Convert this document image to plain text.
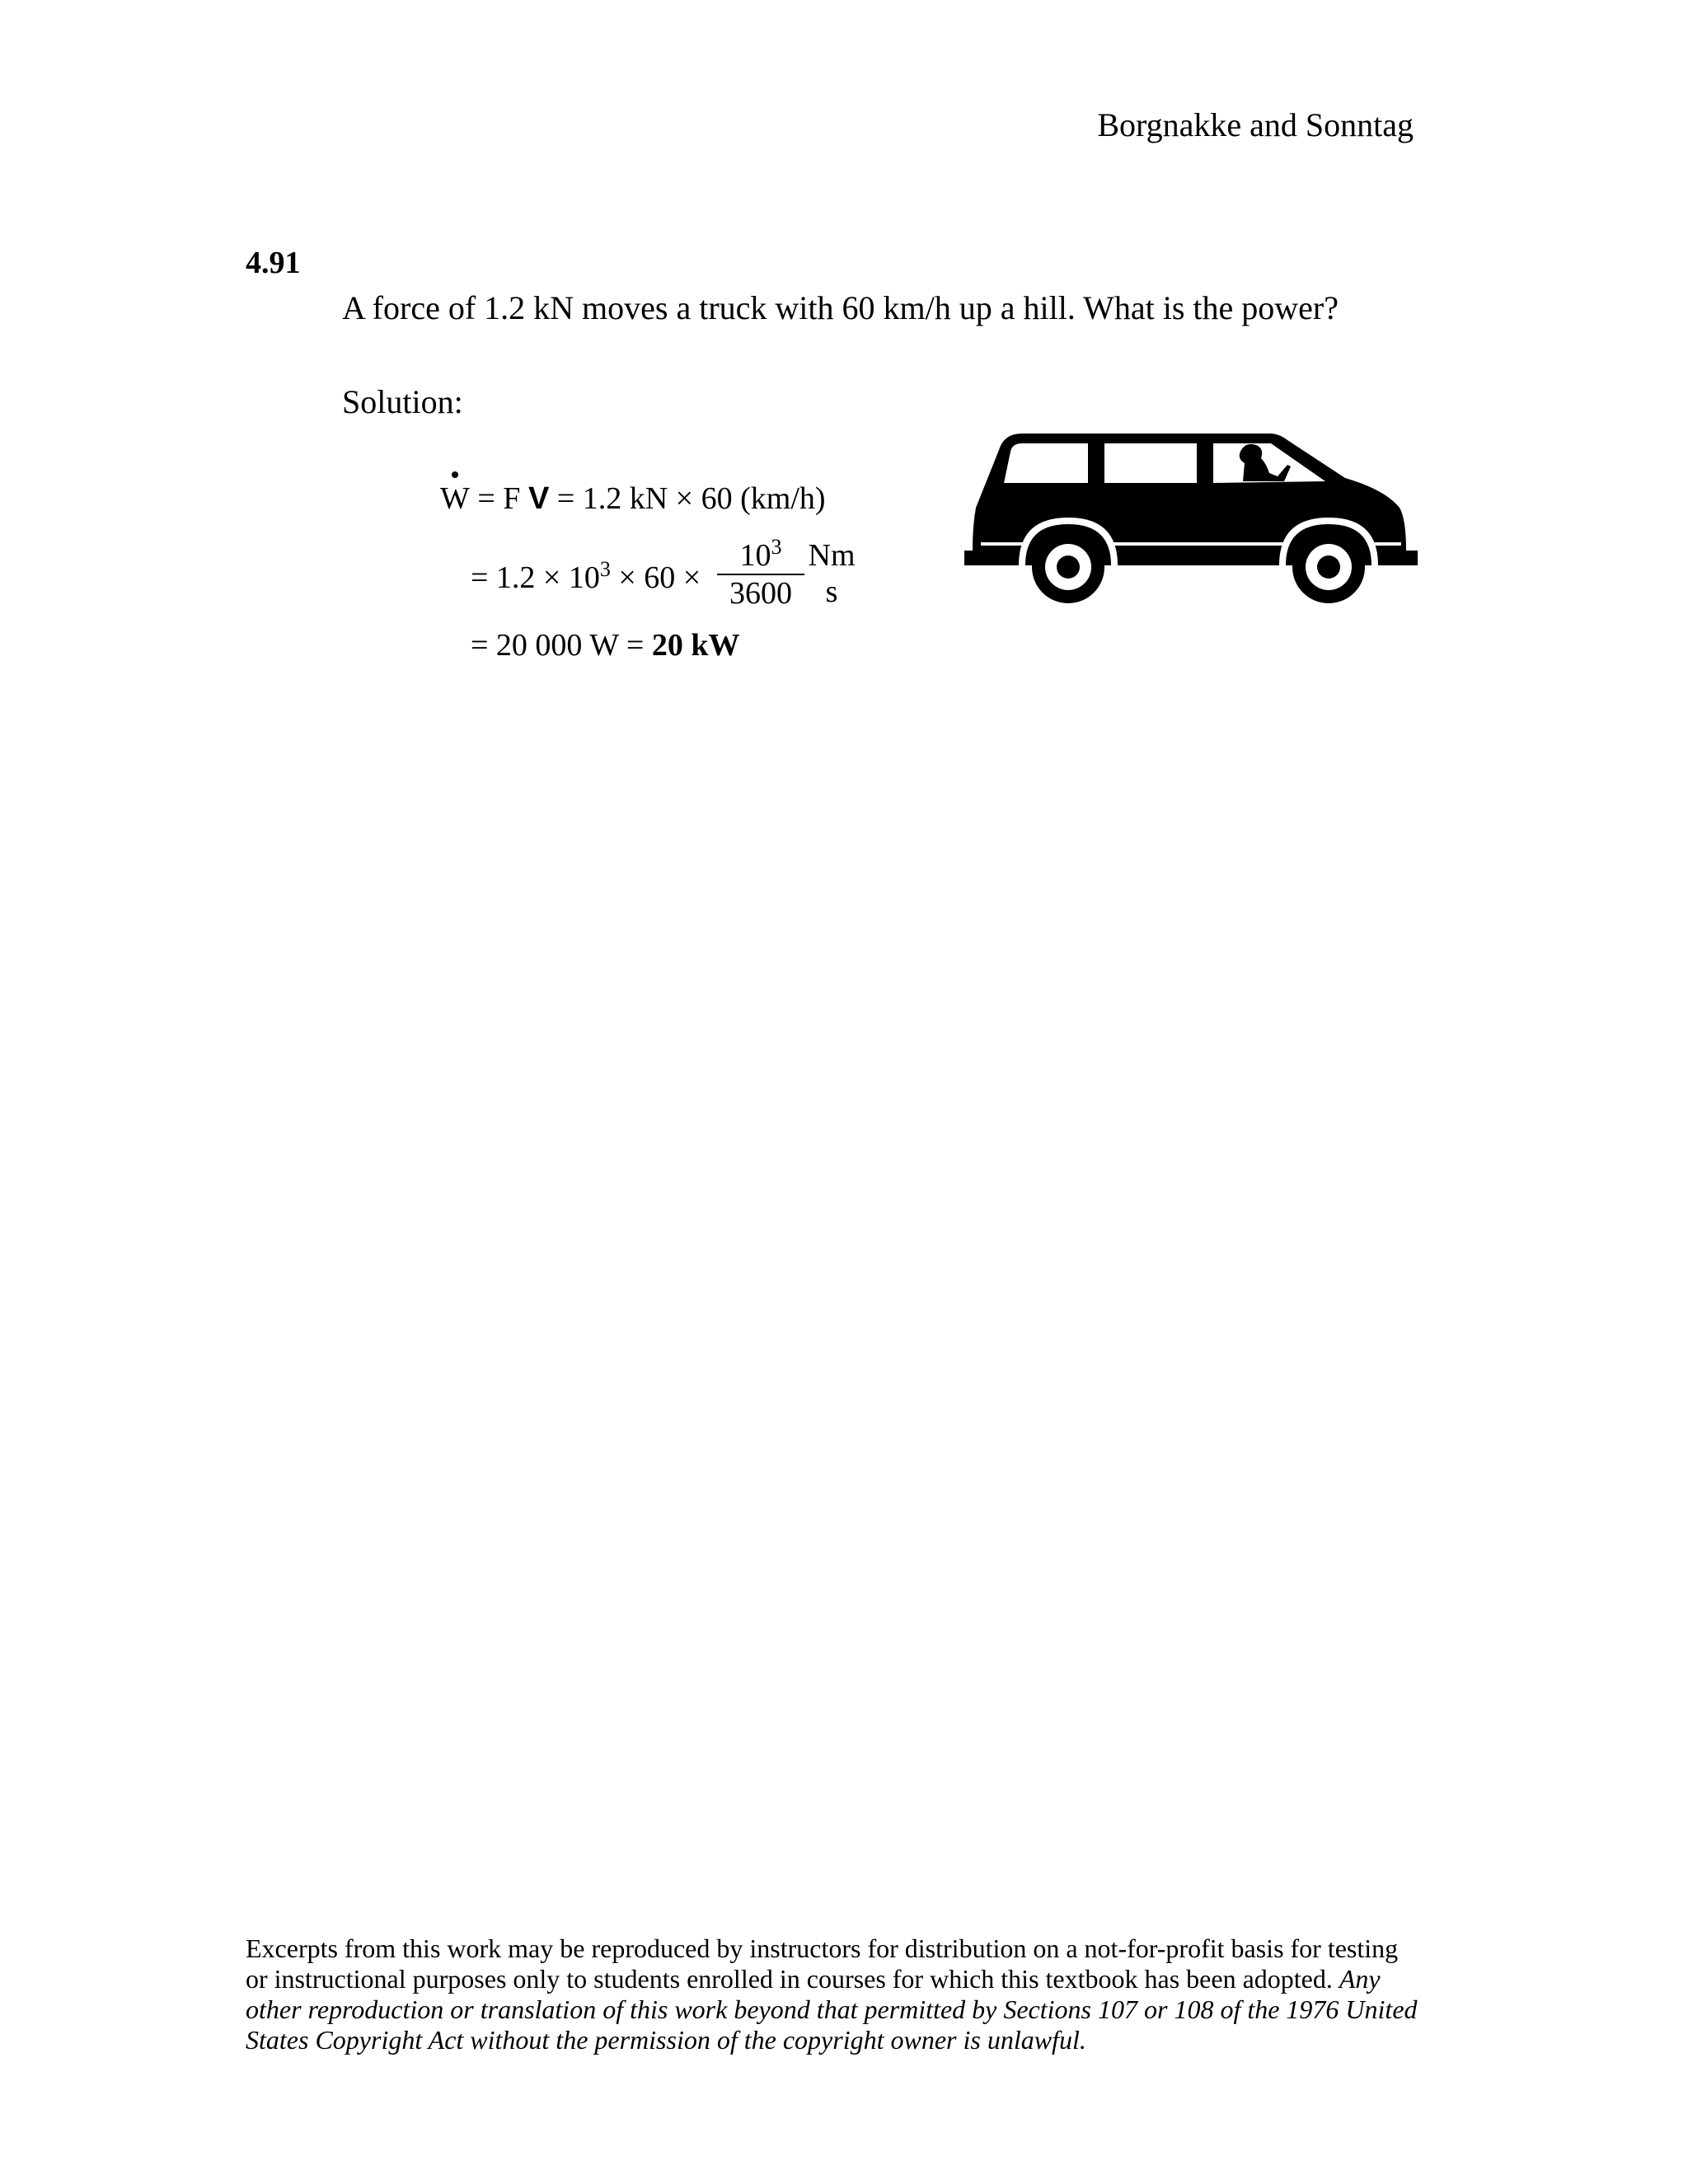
Borgnakke and Sonntag
4.91
A force of 1.2 kN moves a truck with 60 km/h up a hill. What is the power?
Solution:
W = F V = 1.2 kN × 60 (km/h)
= $1.2 \times 10^3 \times 60 \times \frac{10^3}{3600}$ Nm
s
= 20 000 W = 20 kW
Excerpts from this work may be reproduced by instructors for distribution on a not-for-profit basis for testing or instructional purposes only to students enrolled in courses for which this textbook has been adopted. Any other reproduction or translation of this work beyond that permitted by Sections 107 or 108 of the 1976 United States Copyright Act without the permission of the copyright owner is unlawful.
